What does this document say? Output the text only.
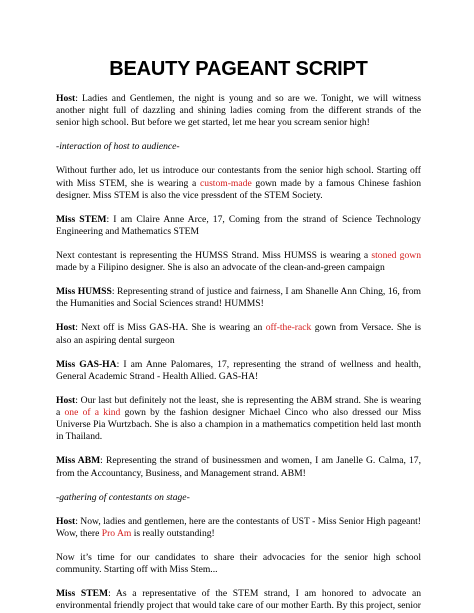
BEAUTY PAGEANT SCRIPT

Host: Ladies and Gentlemen, the night is young and so are we. Tonight, we will witness another night full of dazzling and shining ladies coming from the different strands of the senior high school. But before we get started, let me hear you scream senior high!

-interaction of host to audience-

Without further ado, let us introduce our contestants from the senior high school. Starting off with Miss STEM, she is wearing a custom-made gown made by a famous Chinese fashion designer. Miss STEM is also the vice pressdent of the STEM Society.

Miss STEM: I am Claire Anne Arce, 17, Coming from the strand of Science Technology Engineering and Mathematics STEM

Next contestant is representing the HUMSS Strand. Miss HUMSS is wearing a stoned gown made by a Filipino designer. She is also an advocate of the clean-and-green campaign

Miss HUMSS: Representing strand of justice and fairness, I am Shanelle Ann Ching, 16, from the Humanities and Social Sciences strand! HUMMS!

Host: Next off is Miss GAS-HA. She is wearing an off-the-rack gown from Versace. She is also an aspiring dental surgeon

Miss GAS-HA: I am Anne Palomares, 17, representing the strand of wellness and health, General Academic Strand - Health Allied. GAS-HA!

Host: Our last but definitely not the least, she is representing the ABM strand. She is wearing a one of a kind gown by the fashion designer Michael Cinco who also dressed our Miss Universe Pia Wurtzbach. She is also a champion in a mathematics competition held last month in Thailand.

Miss ABM: Representing the strand of businessmen and women, I am Janelle G. Calma, 17, from the Accountancy, Business, and Management strand. ABM!

-gathering of contestants on stage-

Host: Now, ladies and gentlemen, here are the contestants of UST - Miss Senior High pageant! Wow, there Pro Am is really outstanding!

Now it’s time for our candidates to share their advocacies for the senior high school community. Starting off with Miss Stem...

Miss STEM: As a representative of the STEM strand, I am honored to advocate an environmental friendly project that would take care of our mother Earth. By this project, senior
